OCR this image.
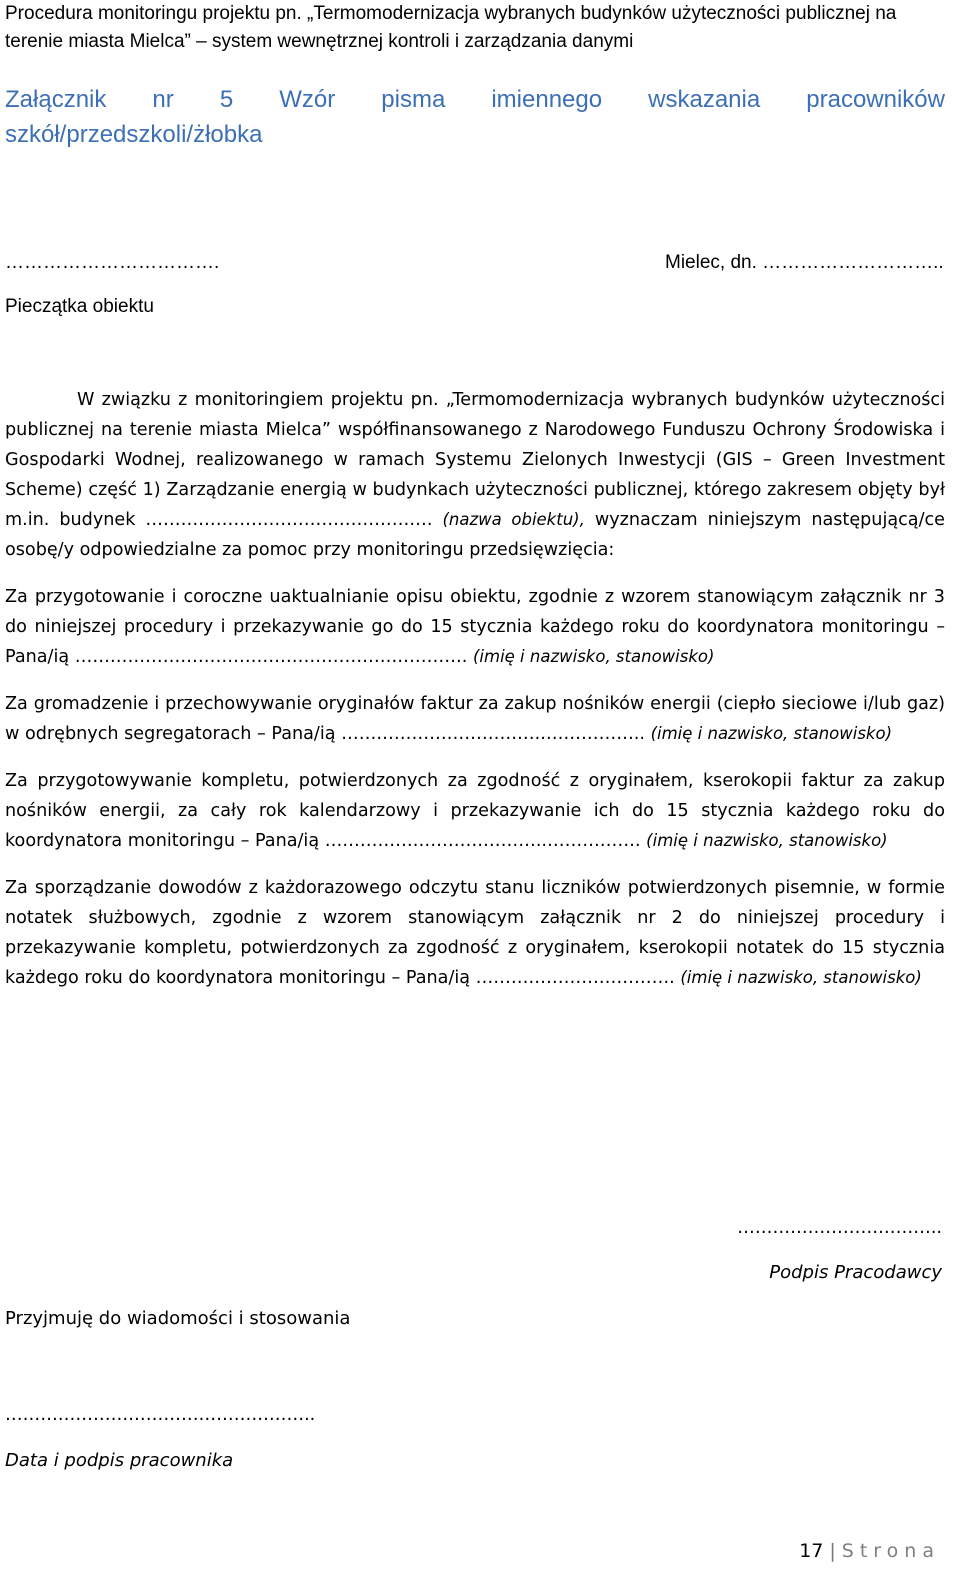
Procedura monitoringu projektu pn. „Termomodernizacja wybranych budynków użyteczności publicznej na terenie miasta Mielca” – system wewnętrznej kontroli i zarządzania danymi
Załącznik nr 5 Wzór pisma imiennego wskazania pracowników
szkół/przedszkoli/żłobka
…………………………….	Mielec, dn. ………………………..
Pieczątka obiektu

W związku z monitoringiem projektu pn. „Termomodernizacja wybranych budynków użyteczności publicznej na terenie miasta Mielca” współfinansowanego z Narodowego Funduszu Ochrony Środowiska i Gospodarki Wodnej, realizowanego w ramach Systemu Zielonych Inwestycji (GIS – Green Investment Scheme) część 1) Zarządzanie energią w budynkach użyteczności publicznej, którego zakresem objęty był m.in. budynek …………………………………………. (nazwa obiektu), wyznaczam niniejszym następującą/ce osobę/y odpowiedzialne za pomoc przy monitoringu przedsięwzięcia:

Za przygotowanie i coroczne uaktualnianie opisu obiektu, zgodnie z wzorem stanowiącym załącznik nr 3 do niniejszej procedury i przekazywanie go do 15 stycznia każdego roku do koordynatora monitoringu – Pana/ią …………………………………………………………. (imię i nazwisko, stanowisko)

Za gromadzenie i przechowywanie oryginałów faktur za zakup nośników energii (ciepło sieciowe i/lub gaz) w odrębnych segregatorach – Pana/ią ……………………………..…………….. (imię i nazwisko, stanowisko)

Za przygotowywanie kompletu, potwierdzonych za zgodność z oryginałem, kserokopii faktur za zakup nośników energii, za cały rok kalendarzowy i przekazywanie ich do 15 stycznia każdego roku do koordynatora monitoringu – Pana/ią ………………………………..……………. (imię i nazwisko, stanowisko)

Za sporządzanie dowodów z każdorazowego odczytu stanu liczników potwierdzonych pisemnie, w formie notatek służbowych, zgodnie z wzorem stanowiącym załącznik nr 2 do niniejszej procedury i przekazywanie kompletu, potwierdzonych za zgodność z oryginałem, kserokopii notatek do 15 stycznia każdego roku do koordynatora monitoringu – Pana/ią ……………………………. (imię i nazwisko, stanowisko)

……………………………..
Podpis Pracodawcy
Przyjmuję do wiadomości i stosowania
……………………………………………..
Data i podpis pracownika
17 | Strona
